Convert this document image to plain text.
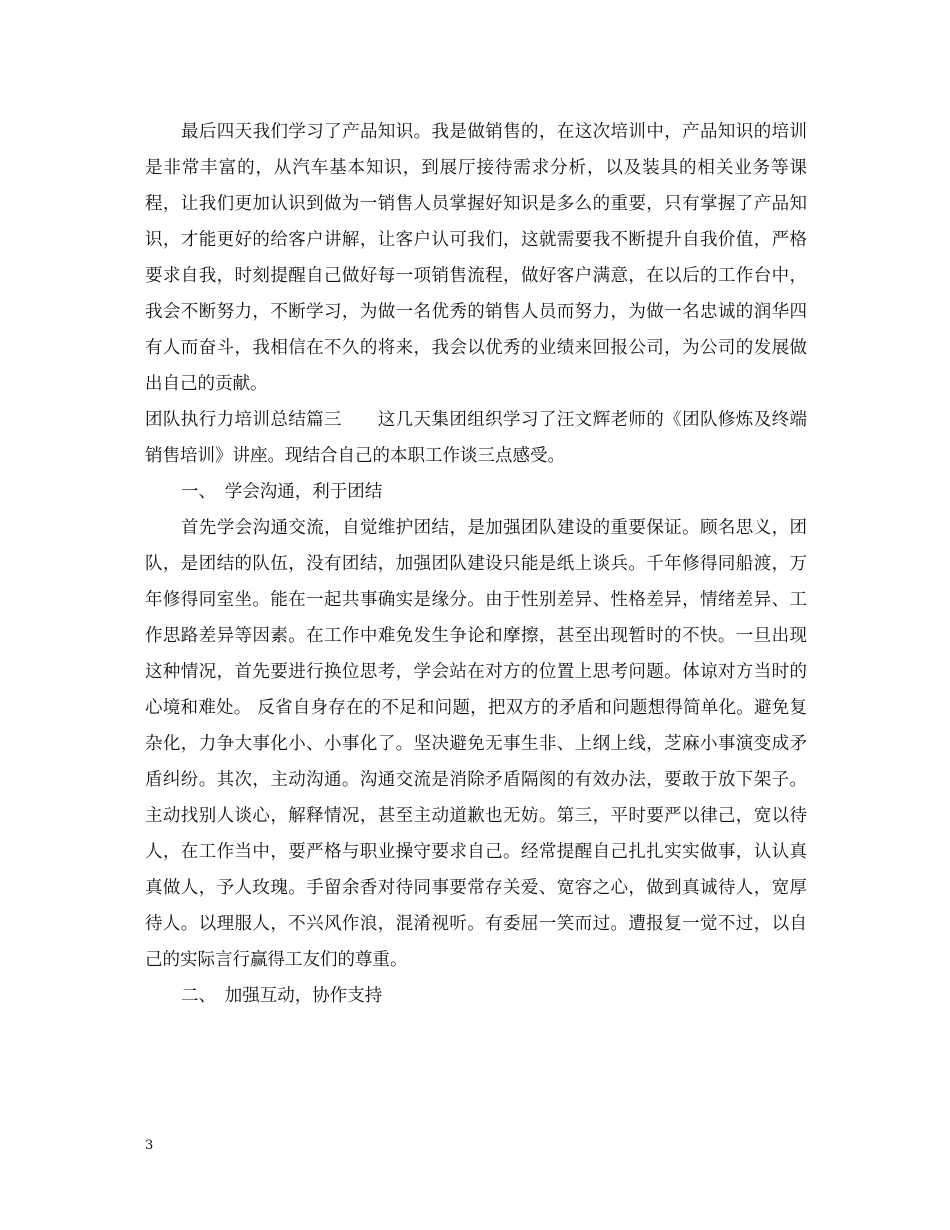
最后四天我们学习了产品知识。我是做销售的，在这次培训中，产品知识的培训是非常丰富的，从汽车基本知识，到展厅接待需求分析，以及装具的相关业务等课程，让我们更加认识到做为一销售人员掌握好知识是多么的重要，只有掌握了产品知识，才能更好的给客户讲解，让客户认可我们，这就需要我不断提升自我价值，严格要求自我，时刻提醒自己做好每一项销售流程，做好客户满意，在以后的工作台中，我会不断努力，不断学习，为做一名优秀的销售人员而努力，为做一名忠诚的润华四有人而奋斗，我相信在不久的将来，我会以优秀的业绩来回报公司，为公司的发展做出自己的贡献。

团队执行力培训总结篇三　　这几天集团组织学习了汪文辉老师的《团队修炼及终端销售培训》讲座。现结合自己的本职工作谈三点感受。

一、　学会沟通，利于团结

首先学会沟通交流，自觉维护团结，是加强团队建设的重要保证。顾名思义，团队，是团结的队伍，没有团结，加强团队建设只能是纸上谈兵。千年修得同船渡，万年修得同室坐。能在一起共事确实是缘分。由于性别差异、性格差异，情绪差异、工作思路差异等因素。在工作中难免发生争论和摩擦，甚至出现暂时的不快。一旦出现这种情况，首先要进行换位思考，学会站在对方的位置上思考问题。体谅对方当时的心境和难处。 反省自身存在的不足和问题，把双方的矛盾和问题想得简单化。避免复杂化，力争大事化小、小事化了。坚决避免无事生非、上纲上线，芝麻小事演变成矛盾纠纷。其次，主动沟通。沟通交流是消除矛盾隔阂的有效办法，要敢于放下架子。主动找别人谈心，解释情况，甚至主动道歉也无妨。第三，平时要严以律己，宽以待人，在工作当中，要严格与职业操守要求自己。经常提醒自己扎扎实实做事，认认真真做人，予人玫瑰。手留余香对待同事要常存关爱、宽容之心，做到真诚待人，宽厚待人。以理服人，不兴风作浪，混淆视听。有委屈一笑而过。遭报复一觉不过，以自己的实际言行赢得工友们的尊重。

二、　加强互动，协作支持

3
